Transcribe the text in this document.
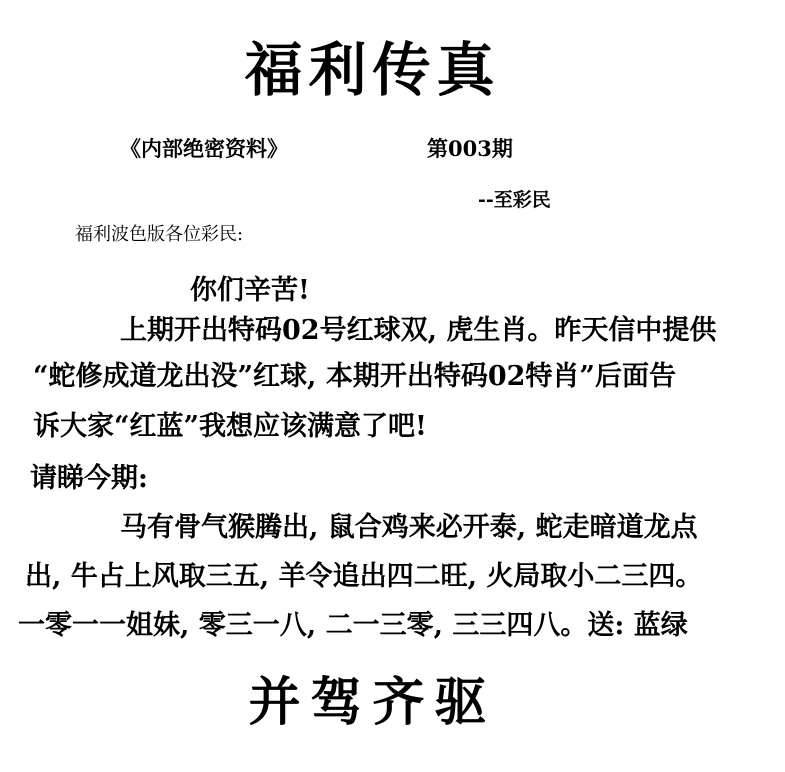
福利传真
《内部绝密资料》	第003期
--至彩民
福利波色版各位彩民:
你们辛苦!
上期开出特码02号红球双, 虎生肖。昨天信中提供
“蛇修成道龙出没”红球, 本期开出特码02特肖”后面告
诉大家“红蓝”我想应该满意了吧!
请睇今期:
马有骨气猴腾出, 鼠合鸡来必开泰, 蛇走暗道龙点
出, 牛占上风取三五, 羊令追出四二旺, 火局取小二三四。
一零一一姐妹, 零三一八, 二一三零, 三三四八。送: 蓝绿
并驾齐驱
